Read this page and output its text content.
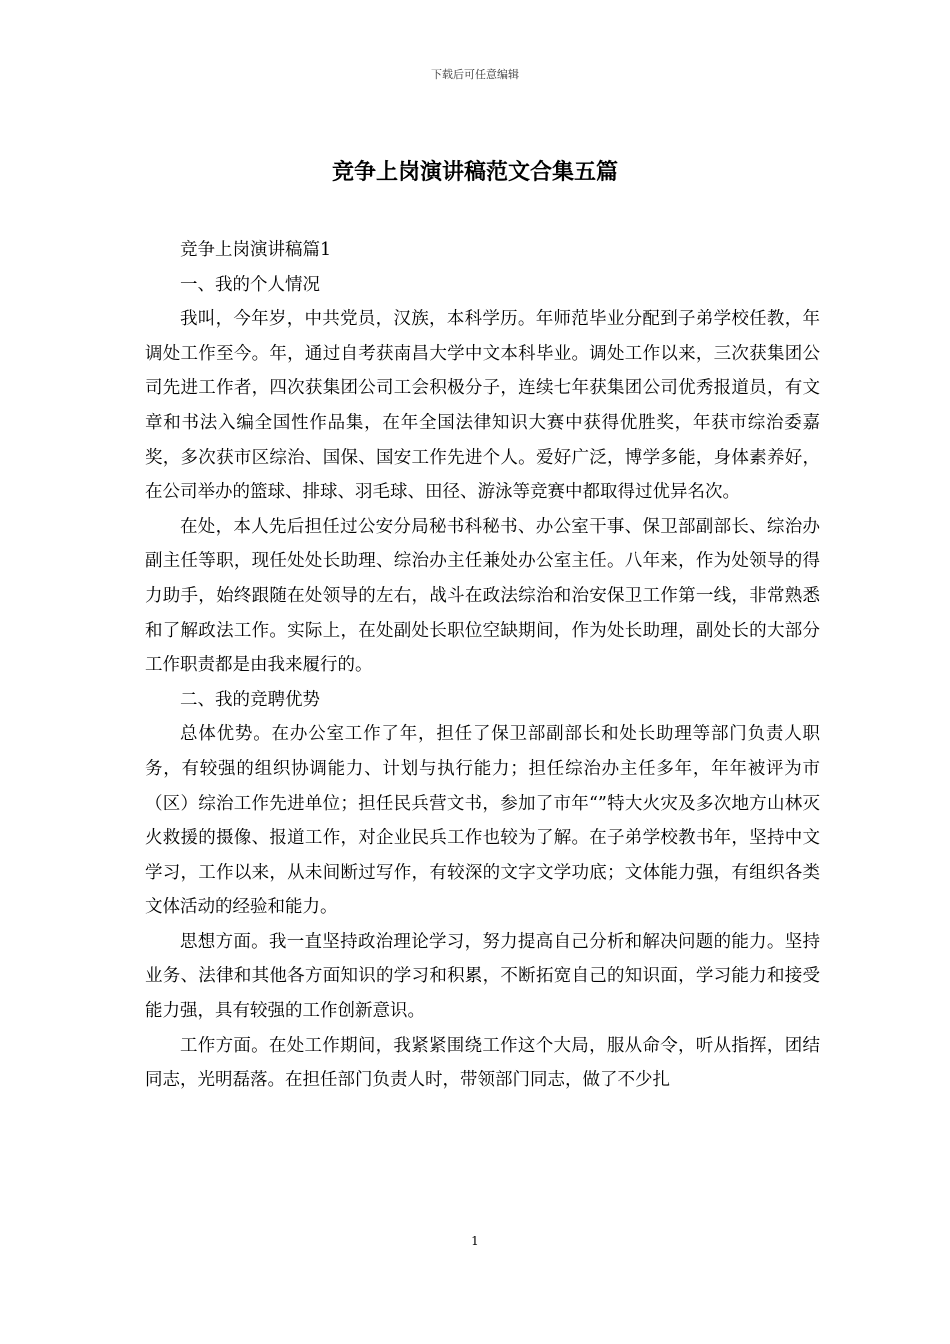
下载后可任意编辑
竞争上岗演讲稿范文合集五篇

竞争上岗演讲稿篇1

一、我的个人情况

我叫，今年岁，中共党员，汉族，本科学历。年师范毕业分配到子弟学校任教，年调处工作至今。年，通过自考获南昌大学中文本科毕业。调处工作以来，三次获集团公司先进工作者，四次获集团公司工会积极分子，连续七年获集团公司优秀报道员，有文章和书法入编全国性作品集，在年全国法律知识大赛中获得优胜奖，年获市综治委嘉奖，多次获市区综治、国保、国安工作先进个人。爱好广泛，博学多能，身体素养好，在公司举办的篮球、排球、羽毛球、田径、游泳等竞赛中都取得过优异名次。

在处，本人先后担任过公安分局秘书科秘书、办公室干事、保卫部副部长、综治办副主任等职，现任处处长助理、综治办主任兼处办公室主任。八年来，作为处领导的得力助手，始终跟随在处领导的左右，战斗在政法综治和治安保卫工作第一线，非常熟悉和了解政法工作。实际上，在处副处长职位空缺期间，作为处长助理，副处长的大部分工作职责都是由我来履行的。

二、我的竞聘优势

总体优势。在办公室工作了年，担任了保卫部副部长和处长助理等部门负责人职务，有较强的组织协调能力、计划与执行能力；担任综治办主任多年，年年被评为市（区）综治工作先进单位；担任民兵营文书，参加了市年“”特大火灾及多次地方山林灭火救援的摄像、报道工作，对企业民兵工作也较为了解。在子弟学校教书年，坚持中文学习，工作以来，从未间断过写作，有较深的文字文学功底；文体能力强，有组织各类文体活动的经验和能力。

思想方面。我一直坚持政治理论学习，努力提高自己分析和解决问题的能力。坚持业务、法律和其他各方面知识的学习和积累，不断拓宽自己的知识面，学习能力和接受能力强，具有较强的工作创新意识。

工作方面。在处工作期间，我紧紧围绕工作这个大局，服从命令，听从指挥，团结同志，光明磊落。在担任部门负责人时，带领部门同志，做了不少扎

1
